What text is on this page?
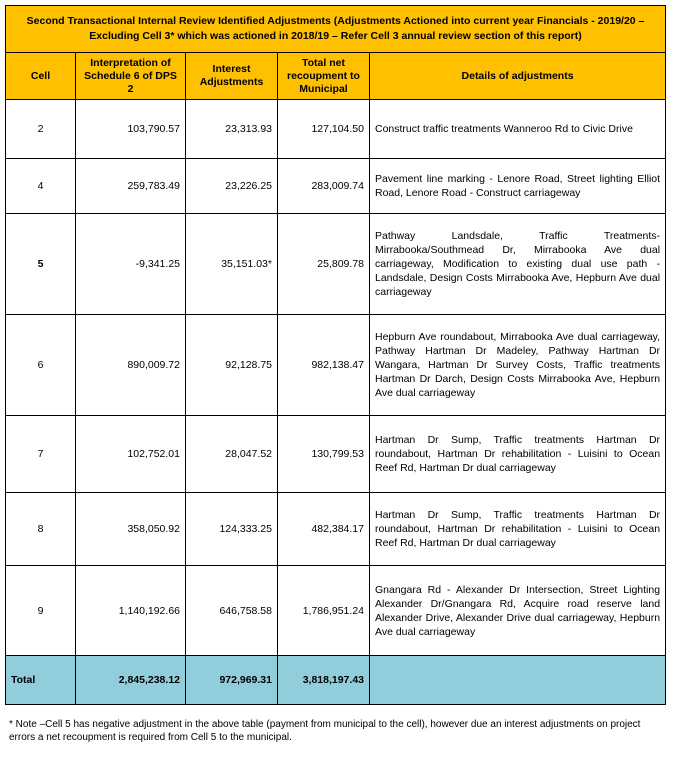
Second Transactional Internal Review Identified Adjustments (Adjustments Actioned into current year Financials - 2019/20 – Excluding Cell 3* which was actioned in 2018/19 – Refer Cell 3 annual review section of this report)				
Cell	Interpretation of Schedule 6 of DPS 2	Interest Adjustments	Total net recoupment to Municipal	Details of adjustments
2	103,790.57	23,313.93	127,104.50	Construct traffic treatments Wanneroo Rd to Civic Drive
4	259,783.49	23,226.25	283,009.74	Pavement line marking - Lenore Road, Street lighting Elliot Road, Lenore Road - Construct carriageway
5	-9,341.25	35,151.03*	25,809.78	Pathway Landsdale, Traffic Treatments- Mirrabooka/Southmead Dr, Mirrabooka Ave dual carriageway, Modification to existing dual use path - Landsdale, Design Costs Mirrabooka Ave, Hepburn Ave dual carriageway
6	890,009.72	92,128.75	982,138.47	Hepburn Ave roundabout, Mirrabooka Ave dual carriageway, Pathway Hartman Dr Madeley, Pathway Hartman Dr Wangara, Hartman Dr Survey Costs, Traffic treatments Hartman Dr Darch, Design Costs Mirrabooka Ave, Hepburn Ave dual carriageway
7	102,752.01	28,047.52	130,799.53	Hartman Dr Sump, Traffic treatments Hartman Dr roundabout, Hartman Dr rehabilitation - Luisini to Ocean Reef Rd, Hartman Dr dual carriageway
8	358,050.92	124,333.25	482,384.17	Hartman Dr Sump, Traffic treatments Hartman Dr roundabout, Hartman Dr rehabilitation - Luisini to Ocean Reef Rd, Hartman Dr dual carriageway
9	1,140,192.66	646,758.58	1,786,951.24	Gnangara Rd - Alexander Dr Intersection, Street Lighting Alexander Dr/Gnangara Rd, Acquire road reserve land Alexander Drive, Alexander Drive dual carriageway, Hepburn Ave dual carriageway
Total	2,845,238.12	972,969.31	3,818,197.43	
* Note –Cell 5 has negative adjustment in the above table (payment from municipal to the cell), however due an interest adjustments on project errors a net recoupment is required from Cell 5 to the municipal.
